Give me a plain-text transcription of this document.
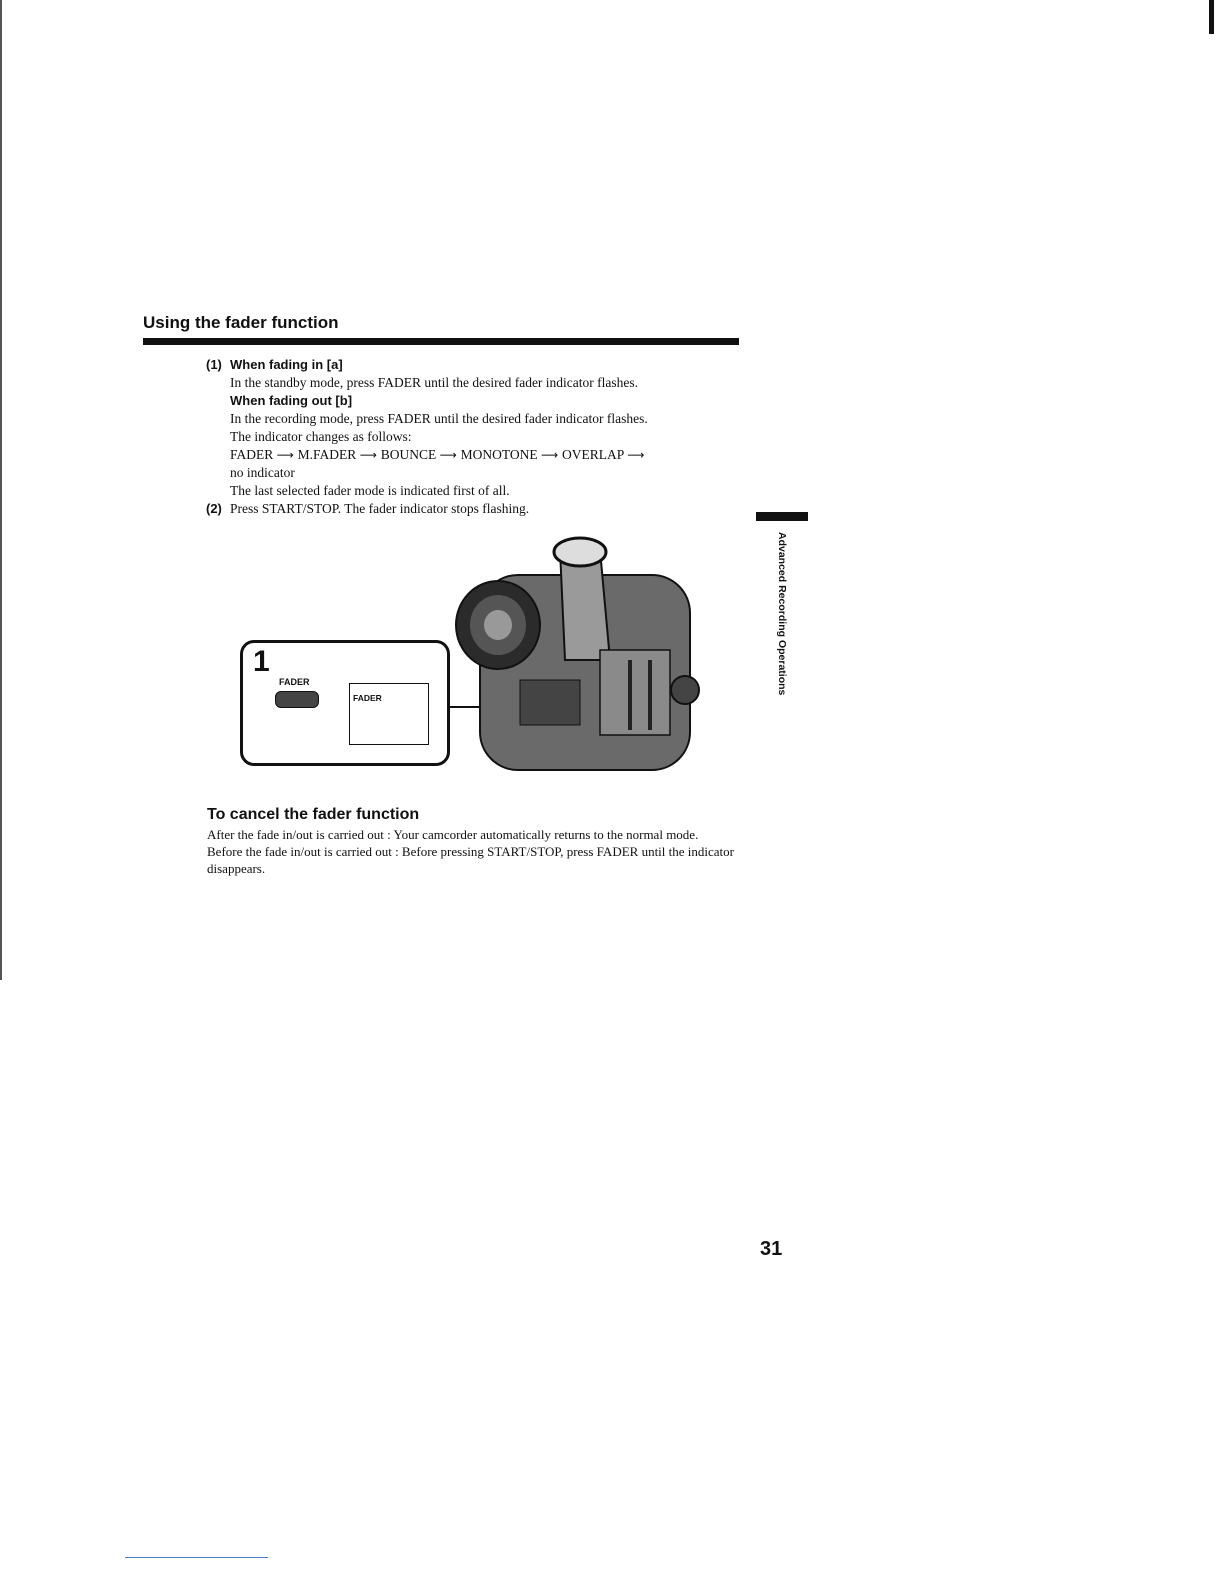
Using the fader function
(1) When fading in [a]
In the standby mode, press FADER until the desired fader indicator flashes.
When fading out [b]
In the recording mode, press FADER until the desired fader indicator flashes.
The indicator changes as follows:
FADER ⟶ M.FADER ⟶ BOUNCE ⟶ MONOTONE ⟶ OVERLAP ⟶
no indicator
The last selected fader mode is indicated first of all.
(2) Press START/STOP. The fader indicator stops flashing.
1
FADER
FADER
Advanced Recording Operations
To cancel the fader function

After the fade in/out is carried out : Your camcorder automatically returns to the normal mode.

Before the fade in/out is carried out : Before pressing START/STOP, press FADER until the indicator disappears.

31
